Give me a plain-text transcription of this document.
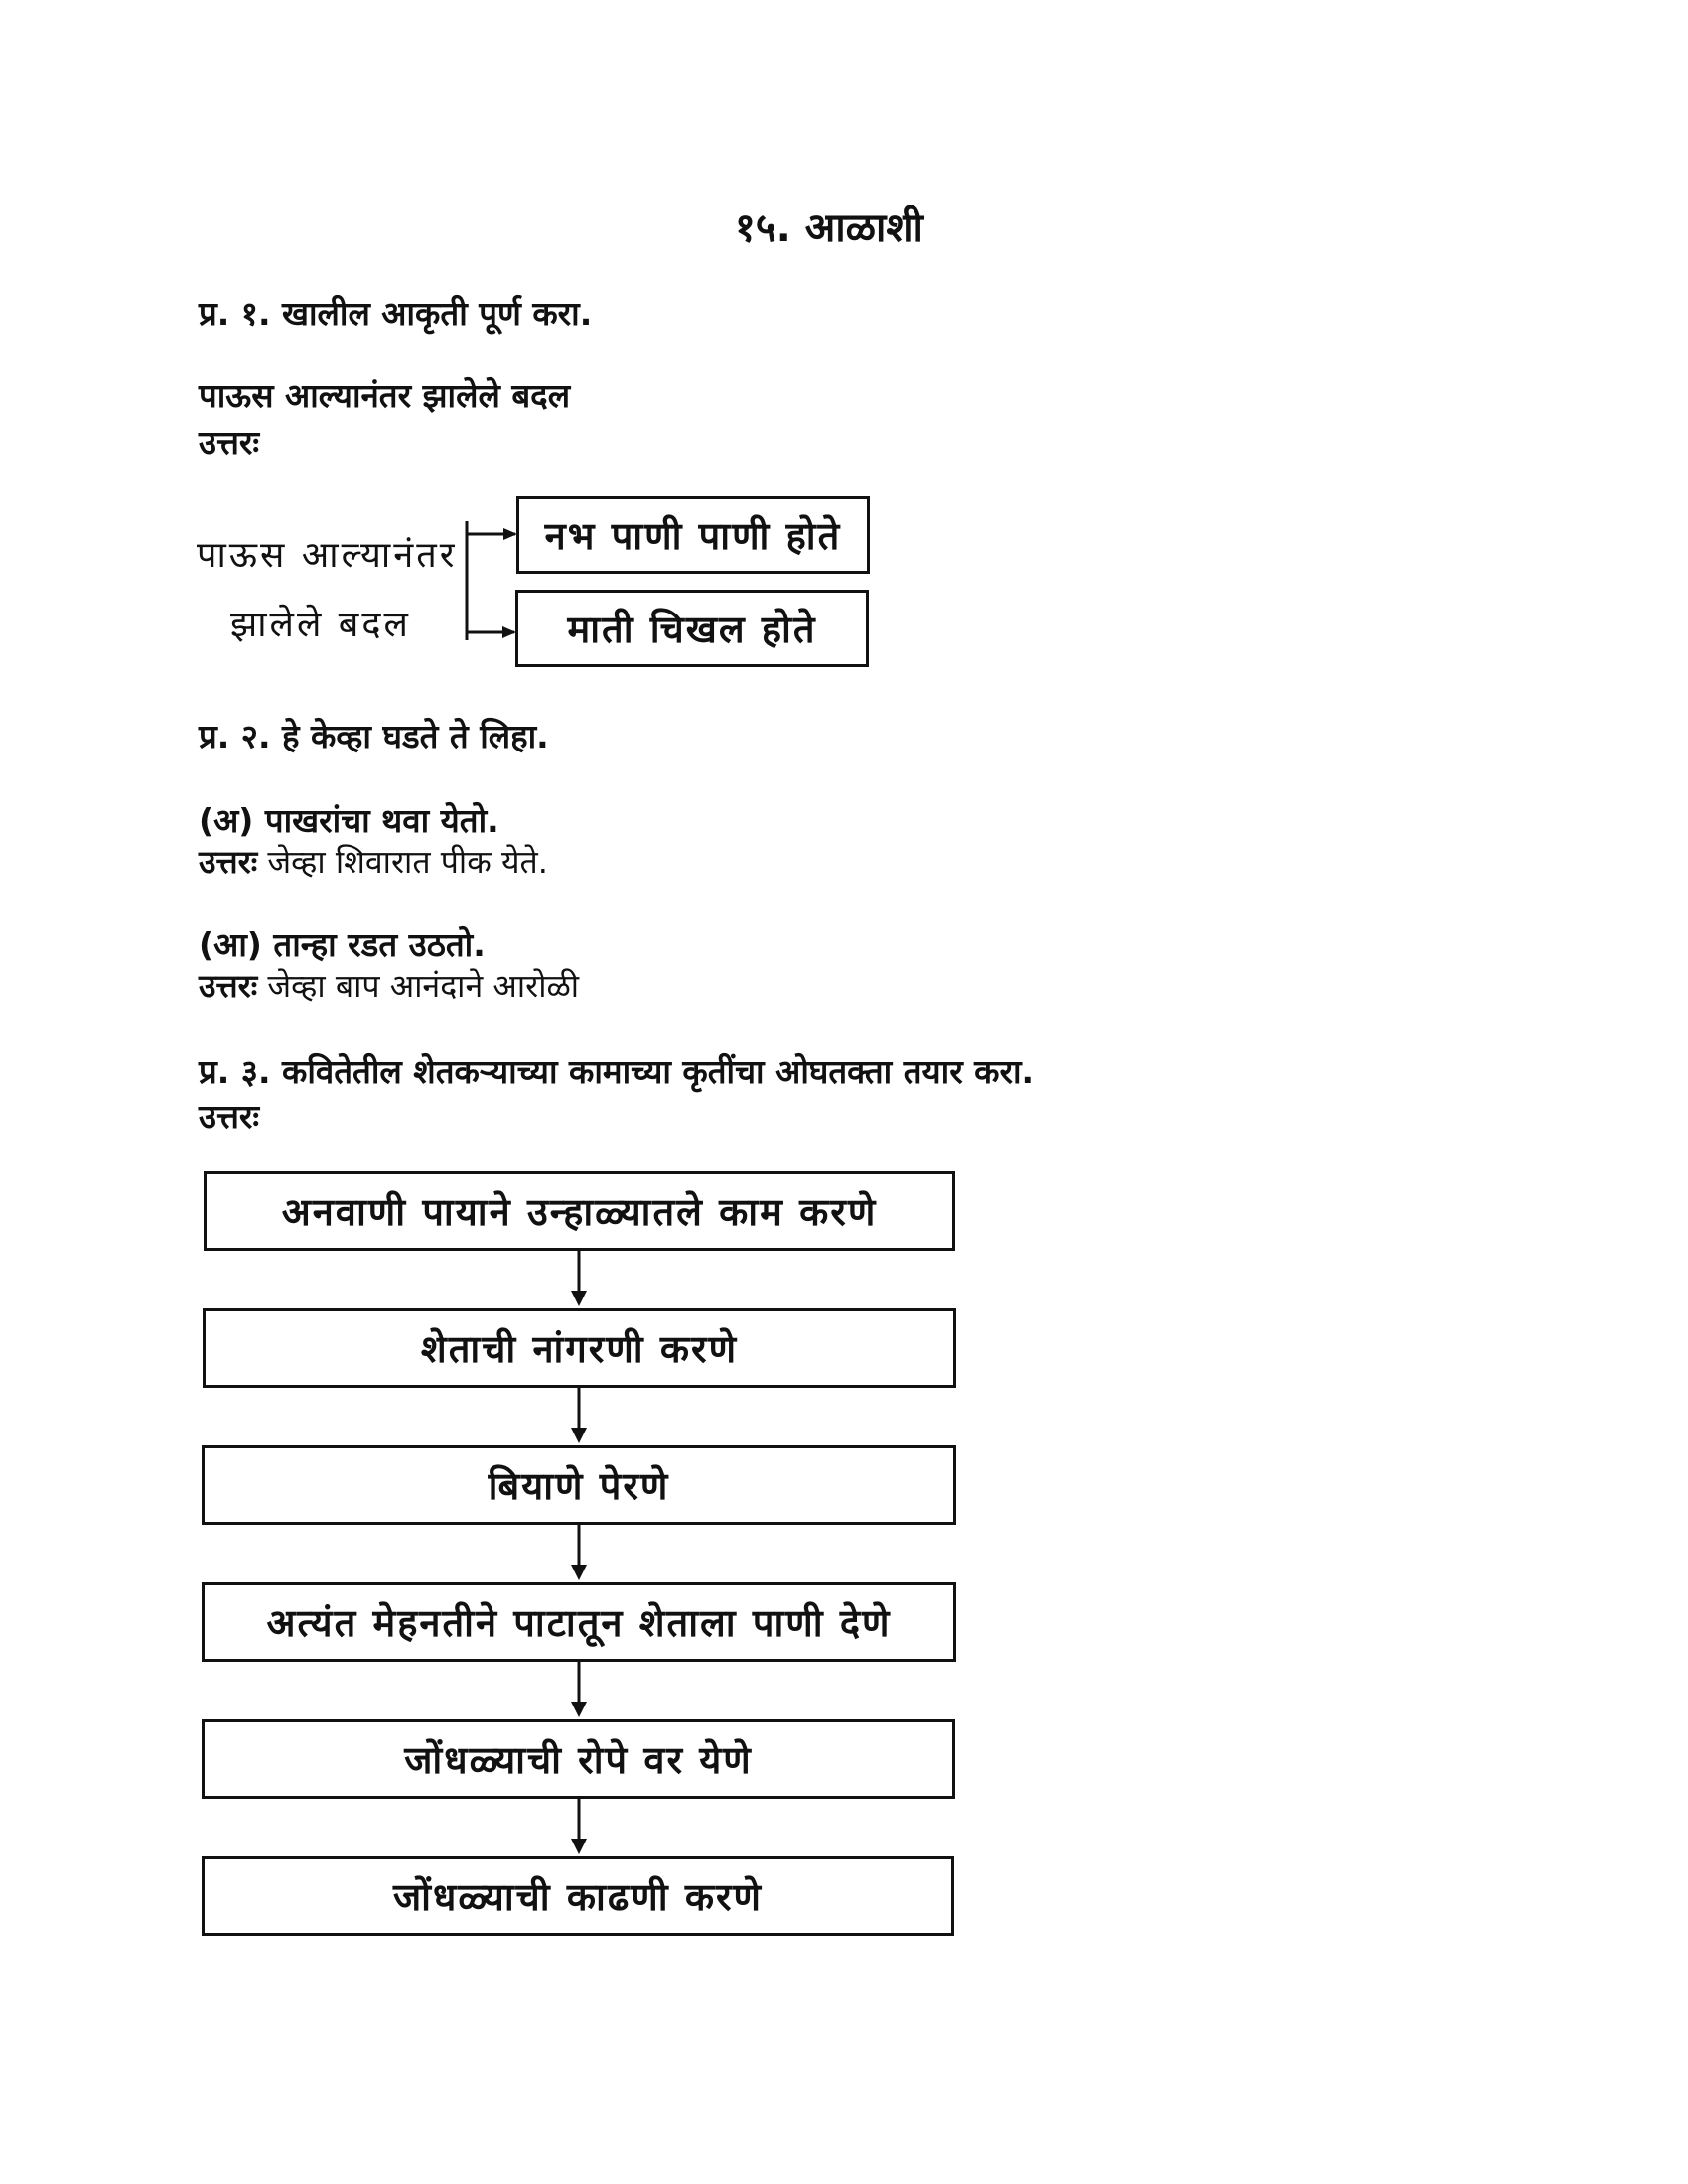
१५. आळाशी
प्र. १. खालील आकृती पूर्ण करा.
पाऊस आल्यानंतर झालेले बदल
उत्तरः
पाऊस आल्यानंतर
झालेले बदल
नभ पाणी पाणी होते
माती चिखल होते
प्र. २. हे केव्हा घडते ते लिहा.
(अ) पाखरांचा थवा येतो.
उत्तरः जेव्हा शिवारात पीक येते.
(आ) तान्हा रडत उठतो.
उत्तरः जेव्हा बाप आनंदाने आरोळी
प्र. ३. कवितेतील शेतकऱ्याच्या कामाच्या कृतींचा ओघतक्ता तयार करा.
उत्तरः
अनवाणी पायाने उन्हाळ्यातले काम करणे
शेताची नांगरणी करणे
बियाणे पेरणे
अत्यंत मेहनतीने पाटातून शेताला पाणी देणे
जोंधळ्याची रोपे वर येणे
जोंधळ्याची काढणी करणे
